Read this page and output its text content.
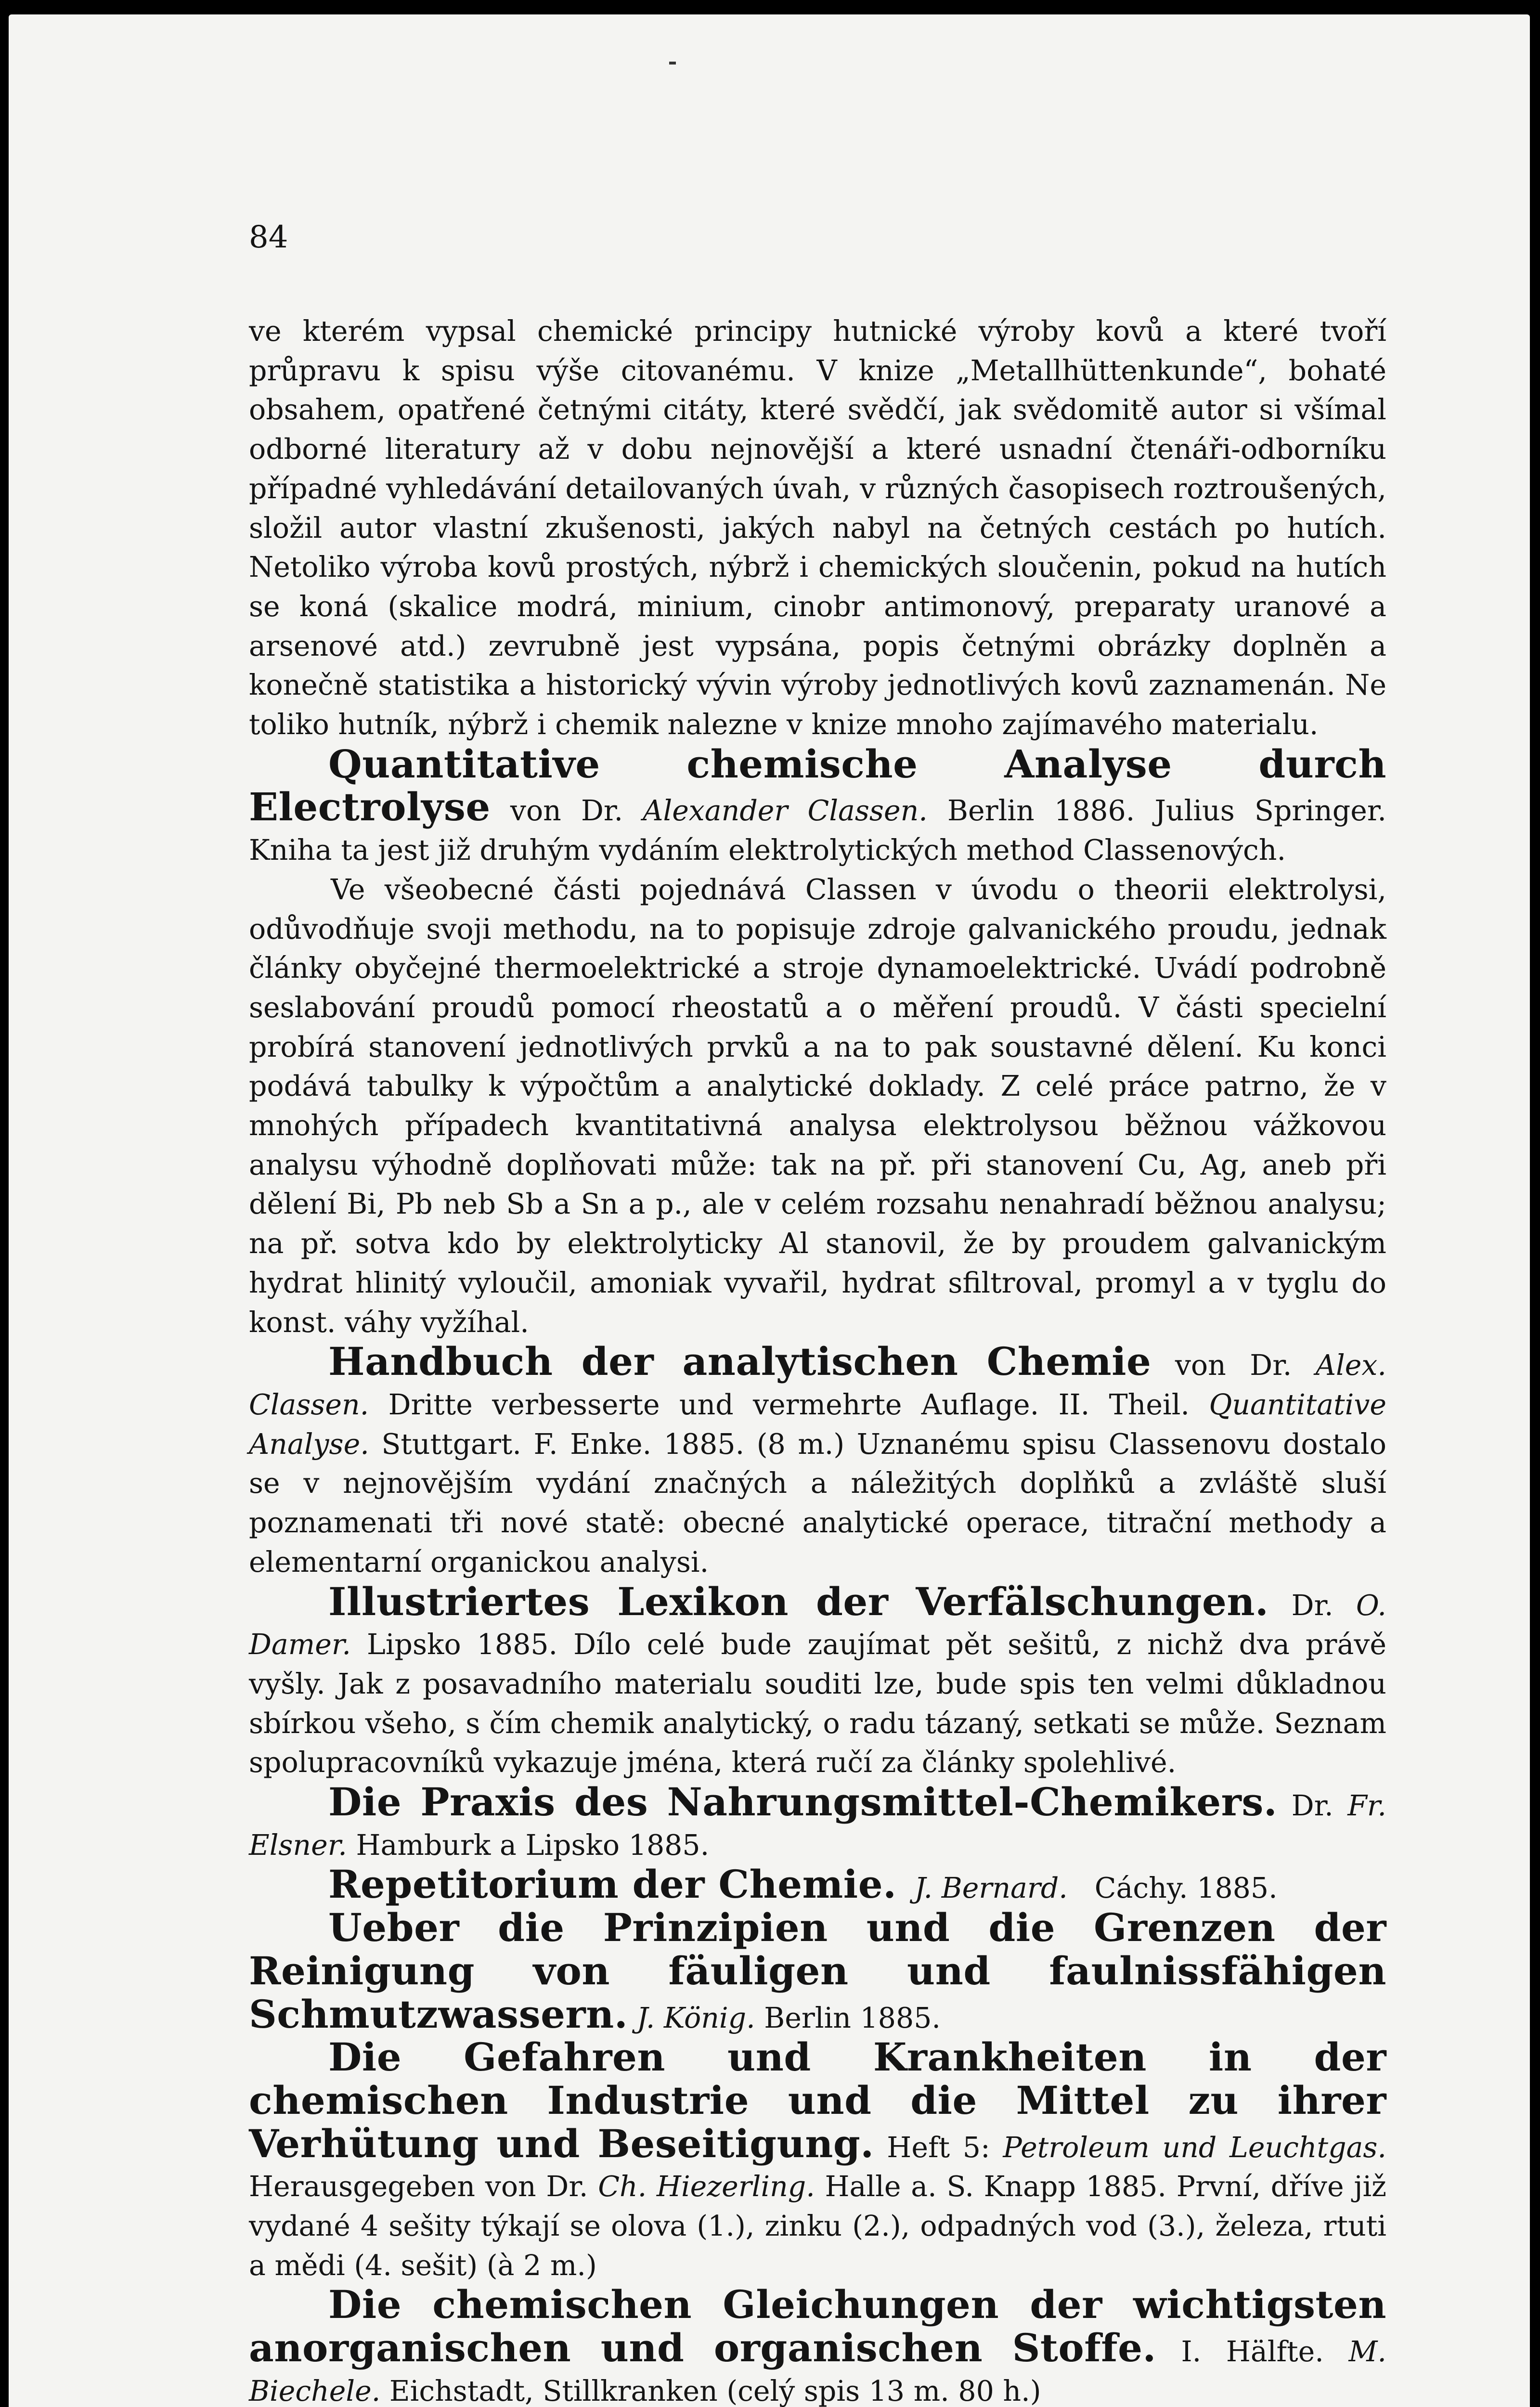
84

ve kterém vypsal chemické principy hutnické výroby kovů a které tvoří průpravu k spisu výše citovanému. V knize „Metallhüttenkunde“, bohaté obsahem, opatřené četnými citáty, které svědčí, jak svědomitě autor si všímal odborné literatury až v dobu nejnovější a které usnadní čtenáři-odborníku případné vyhledávání detailovaných úvah, v různých časopisech roztroušených, složil autor vlastní zkušenosti, jakých nabyl na četných cestách po hutích. Netoliko výroba kovů prostých, nýbrž i chemických sloučenin, pokud na hutích se koná (skalice modrá, minium, cinobr antimonový, preparaty uranové a arsenové atd.) zevrubně jest vypsána, popis četnými obrázky doplněn a konečně statistika a historický vývin výroby jednotlivých kovů zaznamenán. Ne toliko hutník, nýbrž i chemik nalezne v knize mnoho zajímavého materialu.

Quantitative chemische Analyse durch Electrolyse von Dr. Alexander Classen. Berlin 1886. Julius Springer. Kniha ta jest již druhým vydáním elektrolytických method Classenových.

Ve všeobecné části pojednává Classen v úvodu o theorii elektrolysi, odůvodňuje svoji methodu, na to popisuje zdroje galvanického proudu, jednak články obyčejné thermoelektrické a stroje dynamoelektrické. Uvádí podrobně seslabování proudů pomocí rheostatů a o měření proudů. V části specielní probírá stanovení jednotlivých prvků a na to pak soustavné dělení. Ku konci podává tabulky k výpočtům a analytické doklady. Z celé práce patrno, že v mnohých případech kvantitativná analysa elektrolysou běžnou vážkovou analysu výhodně doplňovati může: tak na př. při stanovení Cu, Ag, aneb při dělení Bi, Pb neb Sb a Sn a p., ale v celém rozsahu nenahradí běžnou analysu; na př. sotva kdo by elektrolyticky Al stanovil, že by proudem galvanickým hydrat hlinitý vyloučil, amoniak vyvařil, hydrat sfiltroval, promyl a v tyglu do konst. váhy vyžíhal.

Handbuch der analytischen Chemie von Dr. Alex. Classen. Dritte verbesserte und vermehrte Auflage. II. Theil. Quantitative Analyse. Stuttgart. F. Enke. 1885. (8 m.) Uznanému spisu Classenovu dostalo se v nejnovějším vydání značných a náležitých doplňků a zvláště sluší poznamenati tři nové statě: obecné analytické operace, titrační methody a elementarní organickou analysi.

Illustriertes Lexikon der Verfälschungen. Dr. O. Damer. Lipsko 1885. Dílo celé bude zaujímat pět sešitů, z nichž dva právě vyšly. Jak z posavadního materialu souditi lze, bude spis ten velmi důkladnou sbírkou všeho, s čím chemik analytický, o radu tázaný, setkati se může. Seznam spolupracovníků vykazuje jména, která ručí za články spolehlivé.

Die Praxis des Nahrungsmittel-Chemikers. Dr. Fr. Elsner. Hamburk a Lipsko 1885.

Repetitorium der Chemie. J. Bernard. Cáchy. 1885.

Ueber die Prinzipien und die Grenzen der Reinigung von fäuligen und faulnissfähigen Schmutzwassern. J. König. Berlin 1885.

Die Gefahren und Krankheiten in der chemischen Industrie und die Mittel zu ihrer Verhütung und Beseitigung. Heft 5: Petroleum und Leuchtgas. Herausgegeben von Dr. Ch. Hiezerling. Halle a. S. Knapp 1885. První, dříve již vydané 4 sešity týkají se olova (1.), zinku (2.), odpadných vod (3.), železa, rtuti a mědi (4. sešit) (à 2 m.)

Die chemischen Gleichungen der wichtigsten anorganischen und organischen Stoffe. I. Hälfte. M. Biechele. Eichstadt, Stillkranken (celý spis 13 m. 80 h.)
